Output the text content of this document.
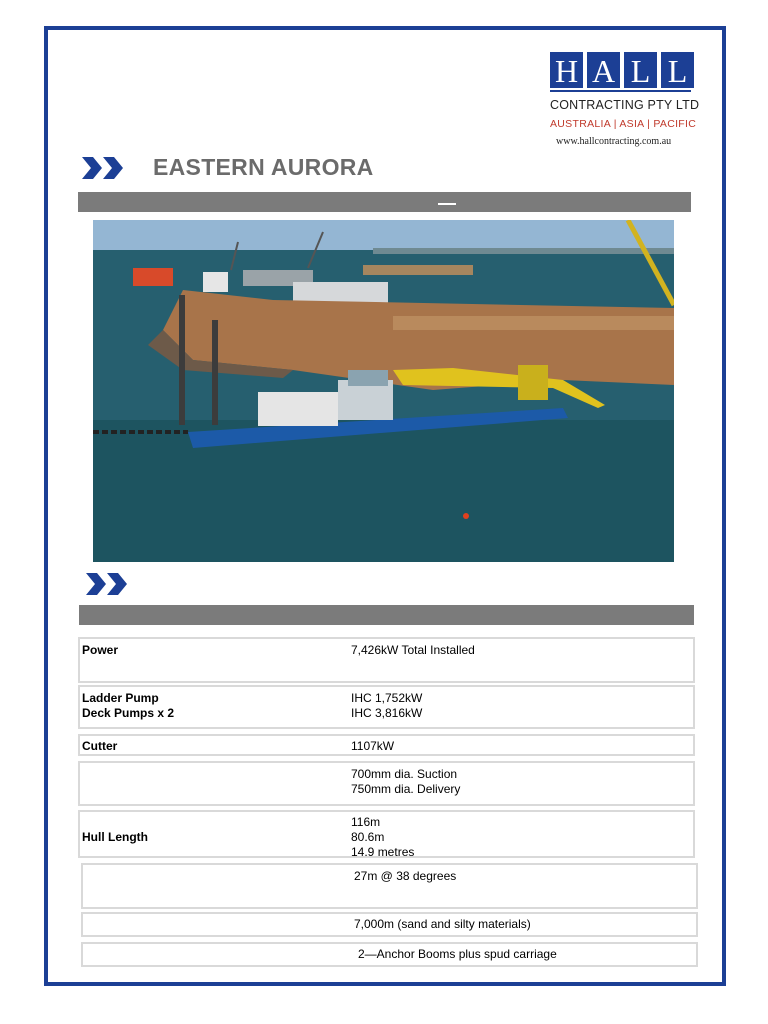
H A L L
CONTRACTING PTY LTD
AUSTRALIA | ASIA | PACIFIC
www.hallcontracting.com.au
EASTERN AURORA
Power	7,426kW Total Installed
Ladder Pump
Deck Pumps x 2
IHC 1,752kW
IHC 3,816kW
Cutter	1107kW
700mm dia. Suction
750mm dia. Delivery
Hull Length
116m
80.6m
14.9 metres
27m @ 38 degrees
7,000m (sand and silty materials)
2—Anchor Booms plus spud carriage
